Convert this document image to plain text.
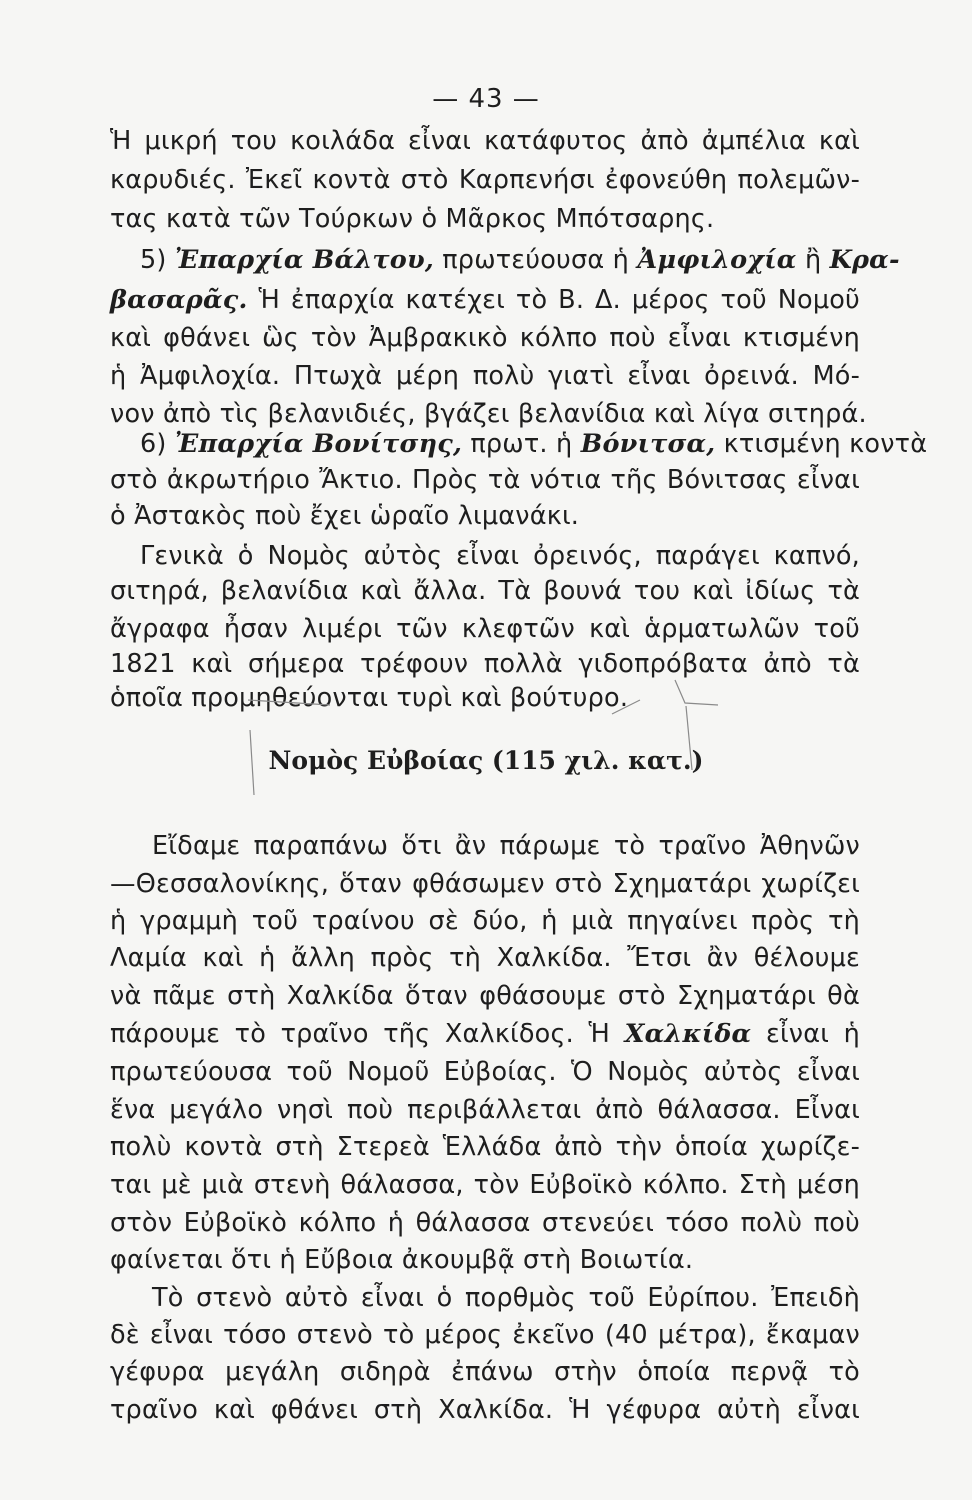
— 43 —
Ἡ μικρή του κοιλάδα εἶναι κατάφυτος ἀπὸ ἀμπέλια καὶ
καρυδιές. Ἐκεῖ κοντὰ στὸ Καρπενήσι ἐφονεύθη πολεμῶν-
τας κατὰ τῶν Τούρκων ὁ Μᾶρκος Μπότσαρης.
5) Ἐπαρχία Βάλτου, πρωτεύουσα ἡ Ἀμφιλοχία ἢ Κρα-
βασαρᾶς. Ἡ ἐπαρχία κατέχει τὸ Β. Δ. μέρος τοῦ Νομοῦ
καὶ φθάνει ὣς τὸν Ἀμβρακικὸ κόλπο ποὺ εἶναι κτισμένη
ἡ Ἀμφιλοχία. Πτωχὰ μέρη πολὺ γιατὶ εἶναι ὀρεινά. Μό-
νον ἀπὸ τὶς βελανιδιές, βγάζει βελανίδια καὶ λίγα σιτηρά.
6) Ἐπαρχία Βονίτσης, πρωτ. ἡ Βόνιτσα, κτισμένη κοντὰ
στὸ ἀκρωτήριο Ἄκτιο. Πρὸς τὰ νότια τῆς Βόνιτσας εἶναι
ὁ Ἀστακὸς ποὺ ἔχει ὡραῖο λιμανάκι.
Γενικὰ ὁ Νομὸς αὐτὸς εἶναι ὀρεινός, παράγει καπνό,
σιτηρά, βελανίδια καὶ ἄλλα. Τὰ βουνά του καὶ ἰδίως τὰ
ἄγραφα ἦσαν λιμέρι τῶν κλεφτῶν καὶ ἁρματωλῶν τοῦ
1821 καὶ σήμερα τρέφουν πολλὰ γιδοπρόβατα ἀπὸ τὰ
ὁποῖα προμηθεύονται τυρὶ καὶ βούτυρο.
Νομὸς Εὐβοίας (115 χιλ. κατ.)
Εἴδαμε παραπάνω ὅτι ἂν πάρωμε τὸ τραῖνο Ἀθηνῶν
—Θεσσαλονίκης, ὅταν φθάσωμεν στὸ Σχηματάρι χωρίζει
ἡ γραμμὴ τοῦ τραίνου σὲ δύο, ἡ μιὰ πηγαίνει πρὸς τὴ
Λαμία καὶ ἡ ἄλλη πρὸς τὴ Χαλκίδα. Ἔτσι ἂν θέλουμε
νὰ πᾶμε στὴ Χαλκίδα ὅταν φθάσουμε στὸ Σχηματάρι θὰ
πάρουμε τὸ τραῖνο τῆς Χαλκίδος. Ἡ Χαλκίδα εἶναι ἡ
πρωτεύουσα τοῦ Νομοῦ Εὐβοίας. Ὁ Νομὸς αὐτὸς εἶναι
ἕνα μεγάλο νησὶ ποὺ περιβάλλεται ἀπὸ θάλασσα. Εἶναι
πολὺ κοντὰ στὴ Στερεὰ Ἑλλάδα ἀπὸ τὴν ὁποία χωρίζε-
ται μὲ μιὰ στενὴ θάλασσα, τὸν Εὐβοϊκὸ κόλπο. Στὴ μέση
στὸν Εὐβοϊκὸ κόλπο ἡ θάλασσα στενεύει τόσο πολὺ ποὺ
φαίνεται ὅτι ἡ Εὔβοια ἀκουμβᾷ στὴ Βοιωτία.
Τὸ στενὸ αὐτὸ εἶναι ὁ πορθμὸς τοῦ Εὐρίπου. Ἐπειδὴ
δὲ εἶναι τόσο στενὸ τὸ μέρος ἐκεῖνο (40 μέτρα), ἔκαμαν
γέφυρα μεγάλη σιδηρὰ ἐπάνω στὴν ὁποία περνᾷ τὸ
τραῖνο καὶ φθάνει στὴ Χαλκίδα. Ἡ γέφυρα αὐτὴ εἶναι
